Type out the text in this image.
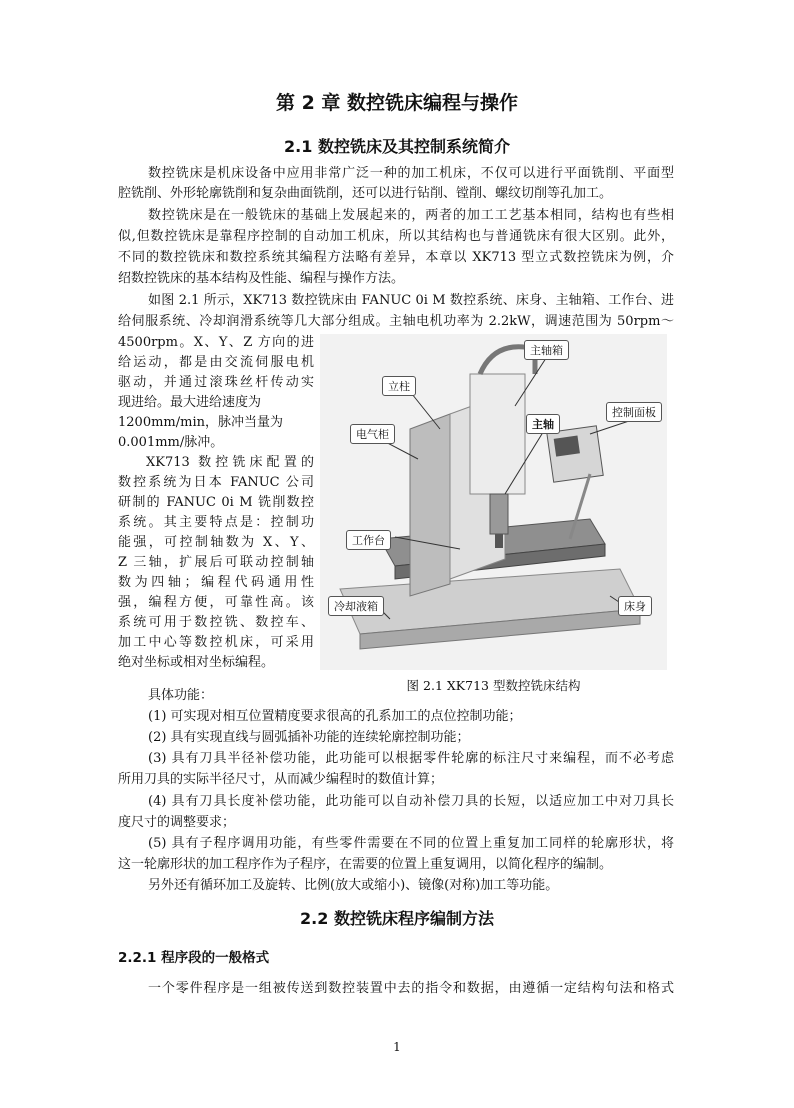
第 2 章 数控铣床编程与操作
2.1 数控铣床及其控制系统简介
数控铣床是机床设备中应用非常广泛一种的加工机床，不仅可以进行平面铣削、平面型
腔铣削、外形轮廓铣削和复杂曲面铣削，还可以进行钻削、镗削、螺纹切削等孔加工。
数控铣床是在一般铣床的基础上发展起来的，两者的加工工艺基本相同，结构也有些相
似,但数控铣床是靠程序控制的自动加工机床，所以其结构也与普通铣床有很大区别。此外，
不同的数控铣床和数控系统其编程方法略有差异，本章以 XK713 型立式数控铣床为例，介
绍数控铣床的基本结构及性能、编程与操作方法。
如图 2.1 所示，XK713 数控铣床由 FANUC 0i M 数控系统、床身、主轴箱、工作台、进
给伺服系统、冷却润滑系统等几大部分组成。主轴电机功率为 2.2kW，调速范围为 50rpm～
4500rpm。X、Y、Z 方向的进
给运动，都是由交流伺服电机
驱动，并通过滚珠丝杆传动实
现进给。最大进给速度为
1200mm/min，脉冲当量为
0.001mm/脉冲。
XK713 数控铣床配置的
数控系统为日本 FANUC 公司
研制的 FANUC 0i M 铣削数控
系统。其主要特点是：控制功
能强，可控制轴数为 X、Y、
Z 三轴，扩展后可联动控制轴
数为四轴；编程代码通用性
强，编程方便，可靠性高。该
系统可用于数控铣、数控车、
加工中心等数控机床，可采用
绝对坐标或相对坐标编程。
主轴箱
立柱
控制面板
电气柜
主轴
工作台
冷却液箱	床身
图 2.1 XK713 型数控铣床结构
具体功能：
(1) 可实现对相互位置精度要求很高的孔系加工的点位控制功能；
(2) 具有实现直线与圆弧插补功能的连续轮廓控制功能；
(3) 具有刀具半径补偿功能，此功能可以根据零件轮廓的标注尺寸来编程，而不必考虑
所用刀具的实际半径尺寸，从而减少编程时的数值计算；
(4) 具有刀具长度补偿功能，此功能可以自动补偿刀具的长短，以适应加工中对刀具长
度尺寸的调整要求；
(5) 具有子程序调用功能，有些零件需要在不同的位置上重复加工同样的轮廓形状，将
这一轮廓形状的加工程序作为子程序，在需要的位置上重复调用，以简化程序的编制。
另外还有循环加工及旋转、比例(放大或缩小)、镜像(对称)加工等功能。
2.2 数控铣床程序编制方法
2.2.1 程序段的一般格式
一个零件程序是一组被传送到数控装置中去的指令和数据，由遵循一定结构句法和格式
1
